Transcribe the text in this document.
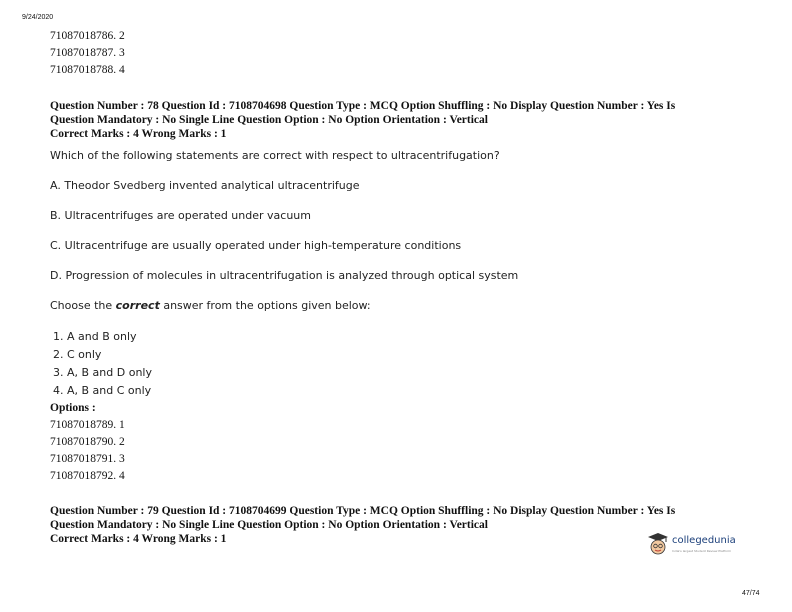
9/24/2020
71087018786. 2
71087018787. 3
71087018788. 4
Question Number : 78 Question Id : 7108704698 Question Type : MCQ Option Shuffling : No Display Question Number : Yes Is
Question Mandatory : No Single Line Question Option : No Option Orientation : Vertical
Correct Marks : 4 Wrong Marks : 1
Which of the following statements are correct with respect to ultracentrifugation?
A. Theodor Svedberg invented analytical ultracentrifuge
B. Ultracentrifuges are operated under vacuum
C. Ultracentrifuge are usually operated under high-temperature conditions
D. Progression of molecules in ultracentrifugation is analyzed through optical system
Choose the correct answer from the options given below:
1. A and B only
2. C only
3. A, B and D only
4. A, B and C only
Options :
71087018789. 1
71087018790. 2
71087018791. 3
71087018792. 4
Question Number : 79 Question Id : 7108704699 Question Type : MCQ Option Shuffling : No Display Question Number : Yes Is
Question Mandatory : No Single Line Question Option : No Option Orientation : Vertical
Correct Marks : 4 Wrong Marks : 1	collegedunia
India's largest Student Review Platform
47/74
